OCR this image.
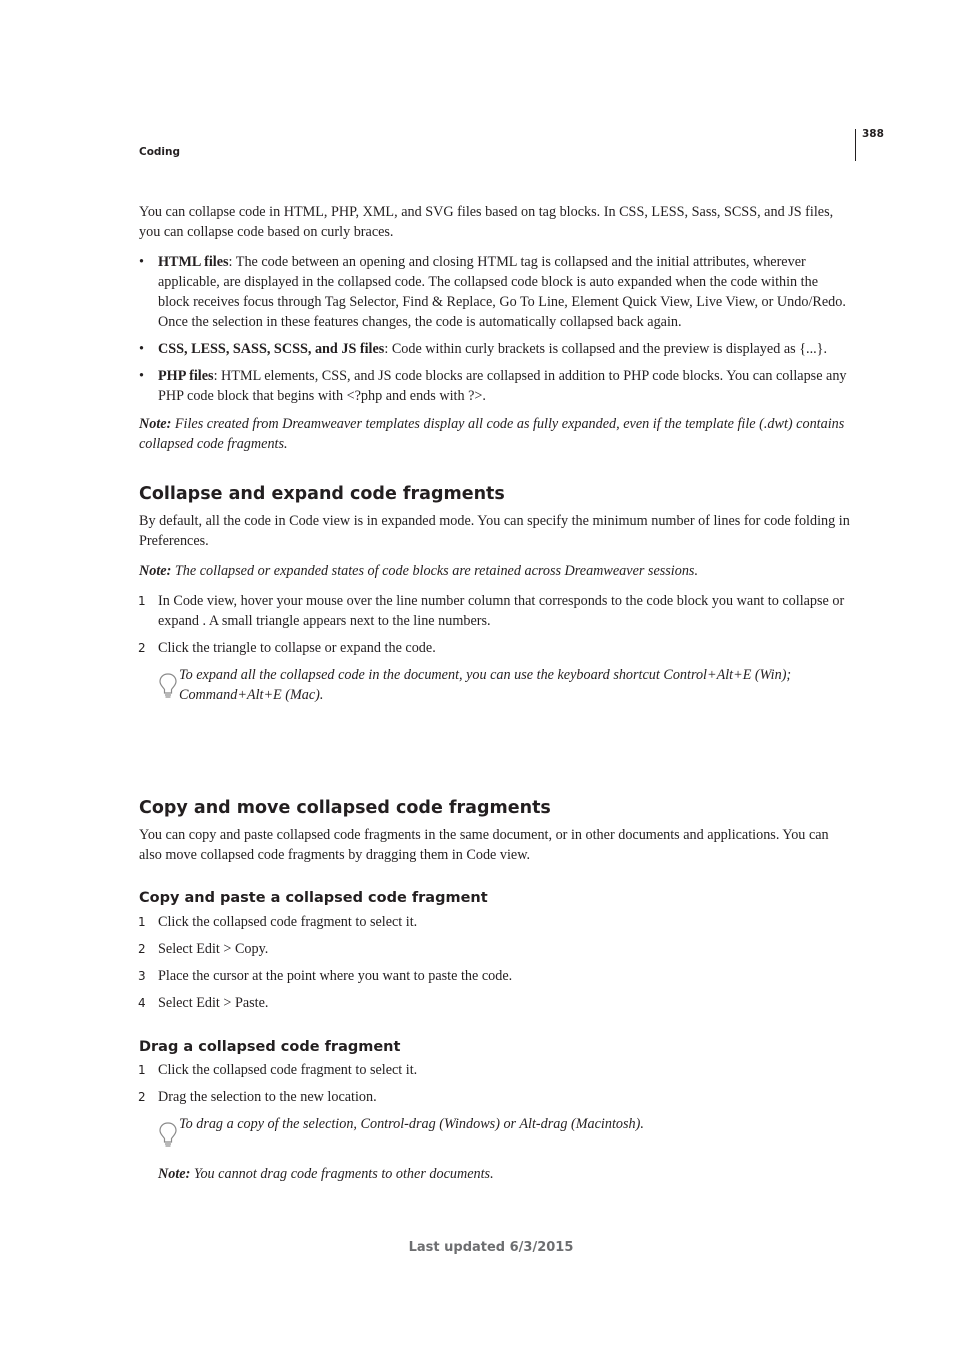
Coding
388
You can collapse code in HTML, PHP, XML, and SVG files based on tag blocks. In CSS, LESS, Sass, SCSS, and JS files, you can collapse code based on curly braces.
• HTML files: The code between an opening and closing HTML tag is collapsed and the initial attributes, wherever applicable, are displayed in the collapsed code. The collapsed code block is auto expanded when the code within the block receives focus through Tag Selector, Find & Replace, Go To Line, Element Quick View, Live View, or Undo/Redo. Once the selection in these features changes, the code is automatically collapsed back again.
• CSS, LESS, SASS, SCSS, and JS files: Code within curly brackets is collapsed and the preview is displayed as {...}.
• PHP files: HTML elements, CSS, and JS code blocks are collapsed in addition to PHP code blocks. You can collapse any PHP code block that begins with <?php and ends with ?>.
Note: Files created from Dreamweaver templates display all code as fully expanded, even if the template file (.dwt) contains collapsed code fragments.
Collapse and expand code fragments
By default, all the code in Code view is in expanded mode. You can specify the minimum number of lines for code folding in Preferences.
Note: The collapsed or expanded states of code blocks are retained across Dreamweaver sessions.
1 In Code view, hover your mouse over the line number column that corresponds to the code block you want to collapse or expand . A small triangle appears next to the line numbers.
2 Click the triangle to collapse or expand the code.
To expand all the collapsed code in the document, you can use the keyboard shortcut Control+Alt+E (Win); Command+Alt+E (Mac).
Copy and move collapsed code fragments
You can copy and paste collapsed code fragments in the same document, or in other documents and applications. You can also move collapsed code fragments by dragging them in Code view.
Copy and paste a collapsed code fragment
1 Click the collapsed code fragment to select it.
2 Select Edit > Copy.
3 Place the cursor at the point where you want to paste the code.
4 Select Edit > Paste.
Drag a collapsed code fragment
1 Click the collapsed code fragment to select it.
2 Drag the selection to the new location.
To drag a copy of the selection, Control-drag (Windows) or Alt-drag (Macintosh).
Note: You cannot drag code fragments to other documents.
Last updated 6/3/2015
